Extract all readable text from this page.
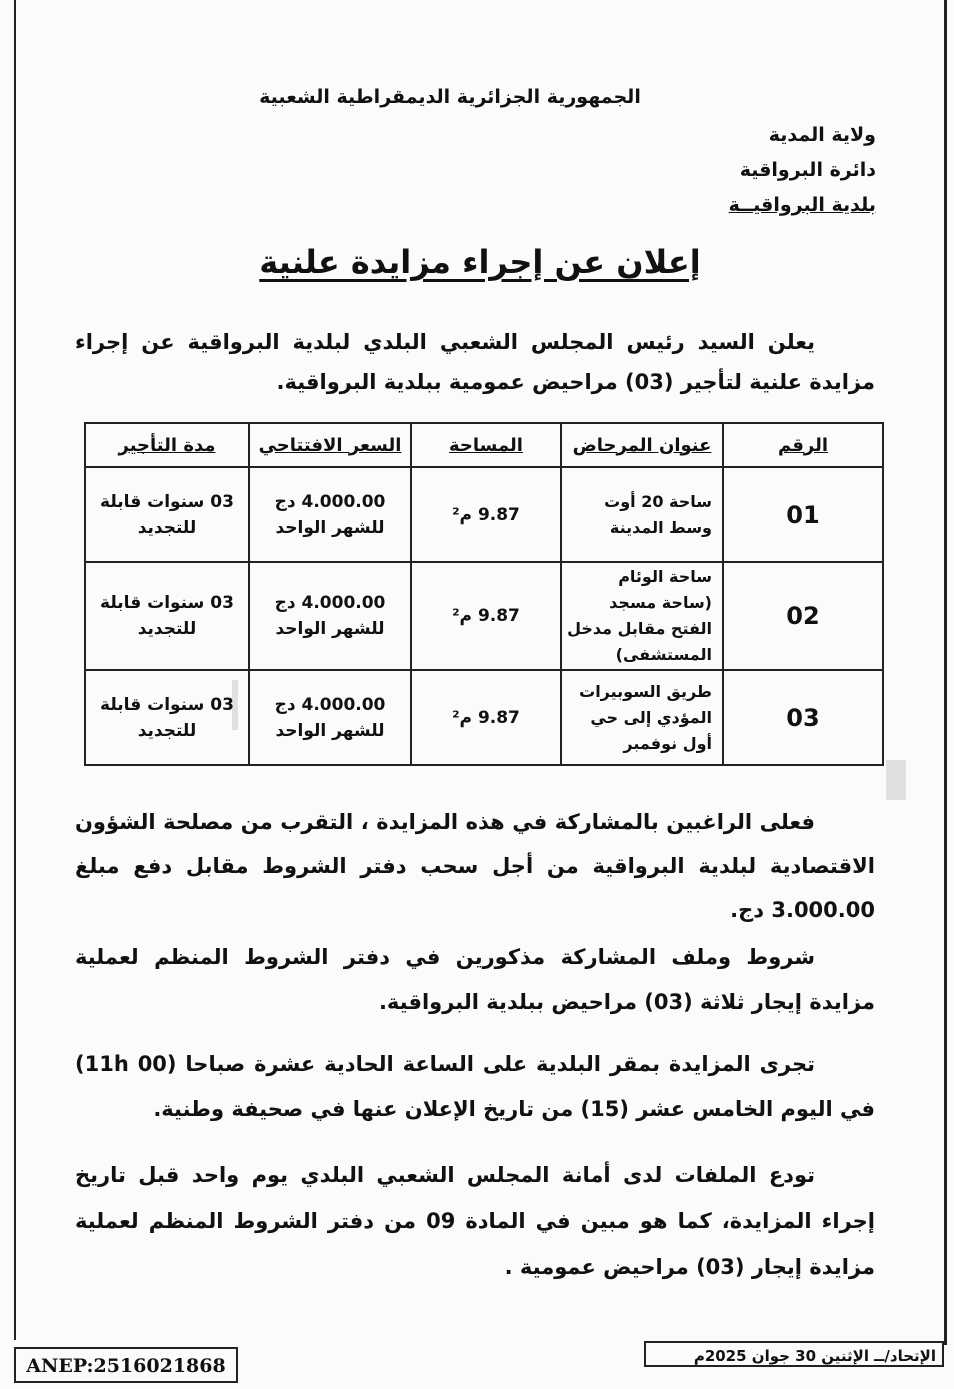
الجمهورية الجزائرية الديمقراطية الشعبية
ولاية المدية
دائرة البرواقية
بلدية البرواقيــة
إعلان عن إجراء مزايدة علنية
يعلن السيد رئيس المجلس الشعبي البلدي لبلدية البرواقية عن إجراء مزايدة علنية لتأجير (03) مراحيض عمومية ببلدية البرواقية.
الرقم	عنوان المرحاض	المساحة	السعر الافتتاحي	مدة التأجير
01	ساحة 20 أوت وسط المدينة	9.87 م²	4.000.00 دج للشهر الواحد	03 سنوات قابلة للتجديد
02	ساحة الوئام (ساحة مسجد الفتح مقابل مدخل المستشفى)	9.87 م²	4.000.00 دج للشهر الواحد	03 سنوات قابلة للتجديد
03	طريق السوبيرات المؤدي إلى حي أول نوفمبر	9.87 م²	4.000.00 دج للشهر الواحد	03 سنوات قابلة للتجديد
فعلى الراغبين بالمشاركة في هذه المزايدة ، التقرب من مصلحة الشؤون الاقتصادية لبلدية البرواقية من أجل سحب دفتر الشروط مقابل دفع مبلغ 3.000.00 دج.
شروط وملف المشاركة مذكورين في دفتر الشروط المنظم لعملية مزايدة إيجار ثلاثة (03) مراحيض ببلدية البرواقية.
تجرى المزايدة بمقر البلدية على الساعة الحادية عشرة صباحا (11h 00) في اليوم الخامس عشر (15) من تاريخ الإعلان عنها في صحيفة وطنية.
تودع الملفات لدى أمانة المجلس الشعبي البلدي يوم واحد قبل تاريخ إجراء المزايدة، كما هو مبين في المادة 09 من دفتر الشروط المنظم لعملية مزايدة إيجار (03) مراحيض عمومية .
الإتحاد/ــ الإثنين 30 جوان 2025م
ANEP:2516021868
